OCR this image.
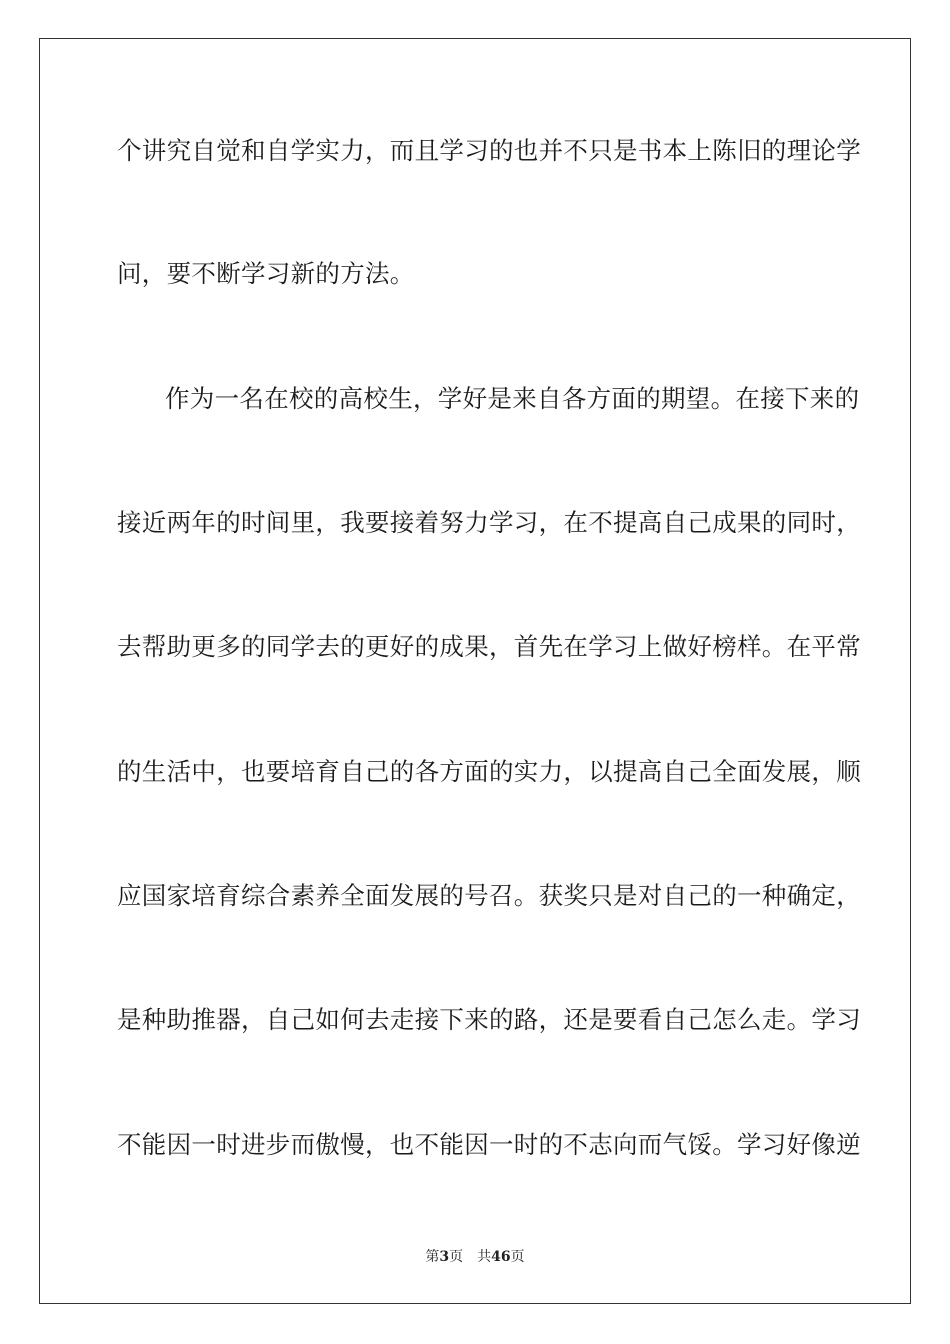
个讲究自觉和自学实力，而且学习的也并不只是书本上陈旧的理论学
问，要不断学习新的方法。
作为一名在校的高校生，学好是来自各方面的期望。在接下来的
接近两年的时间里，我要接着努力学习，在不提高自己成果的同时，
去帮助更多的同学去的更好的成果，首先在学习上做好榜样。在平常
的生活中，也要培育自己的各方面的实力，以提高自己全面发展，顺
应国家培育综合素养全面发展的号召。获奖只是对自己的一种确定，
是种助推器，自己如何去走接下来的路，还是要看自己怎么走。学习
不能因一时进步而傲慢，也不能因一时的不志向而气馁。学习好像逆
第3页 共46页
